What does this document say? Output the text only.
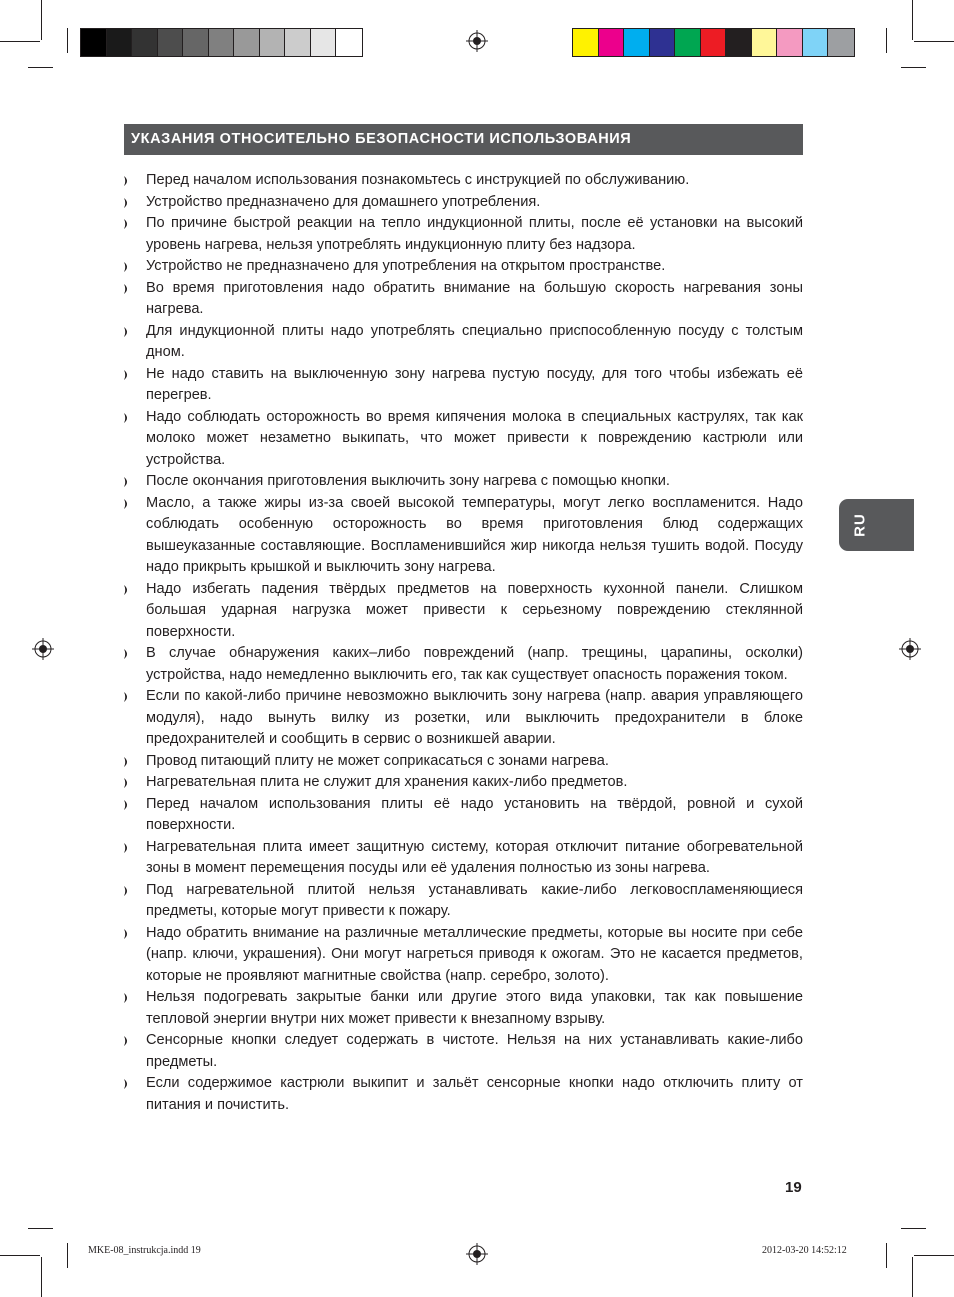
УКАЗАНИЯ ОТНОСИТЕЛЬНО БЕЗОПАСНОСТИ ИСПОЛЬЗОВАНИЯ
RU
Перед началом использования познакомьтесь с инструкцией по обслуживанию.
Устройство предназначено для домашнего употребления.
По причине быстрой реакции на тепло индукционной плиты, после её установки на высокий уровень нагрева, нельзя употреблять индукционную плиту без надзора.
Устройство не предназначено для употребления на открытом пространстве.
Во время приготовления надо обратить внимание на большую скорость нагревания зоны нагрева.
Для индукционной плиты надо употреблять специально приспособленную посуду с толстым дном.
Не надо ставить на выключенную зону нагрева пустую посуду, для того чтобы избежать её перегрев.
Надо соблюдать осторожность во время кипячения молока в специальных каструлях, так как молоко может незаметно выкипать, что может привести к повреждению кастрюли или устройства.
После окончания приготовления выключить зону нагрева с помощью кнопки.
Масло, а также жиры из-за своей высокой температуры, могут легко воспламенится. Надо соблюдать особенную осторожность во время приготовления блюд содержащих вышеуказанные составляющие. Воспламенившийся жир никогда нельзя тушить водой. Посуду надо прикрыть крышкой и выключить зону нагрева.
Надо избегать падения твёрдых предметов на поверхность кухонной панели. Слишком большая ударная нагрузка может привести к серьезному повреждению стеклянной поверхности.
В случае обнаружения каких–либо повреждений (напр. трещины, царапины, осколки) устройства, надо немедленно выключить его, так как существует опасность поражения током.
Если по какой-либо причине невозможно выключить зону нагрева (напр. авария управляющего модуля), надо вынуть вилку из розетки, или выключить предохранители в блоке предохранителей и сообщить в сервис о возникшей аварии.
Провод питающий плиту не может соприкасаться с зонами нагрева.
Нагревательная плита не служит для хранения каких-либо предметов.
Перед началом использования плиты её надо установить на твёрдой, ровной и сухой поверхности.
Нагревательная плита имеет защитную систему, которая отключит питание обогревательной зоны в момент перемещения посуды или её удаления полностью из зоны нагрева.
Под нагревательной плитой нельзя устанавливать какие-либо легковоспламеняющиеся предметы, которые могут привести к пожару.
Надо обратить внимание на различные металлические предметы, которые вы носите при себе (напр. ключи, украшения). Они могут нагреться приводя к ожогам. Это не касается предметов, которые не проявляют магнитные свойства (напр. серебро, золото).
Нельзя подогревать закрытые банки или другие этого вида упаковки, так как повышение тепловой энергии внутри них может привести к внезапному взрыву.
Сенсорные кнопки следует содержать в чистоте. Нельзя на них устанавливать какие-либо предметы.
Если содержимое кастрюли выкипит и зальёт сенсорные кнопки надо отключить плиту от питания и почистить.
19
MKE-08_instrukcja.indd 19	2012-03-20 14:52:12
